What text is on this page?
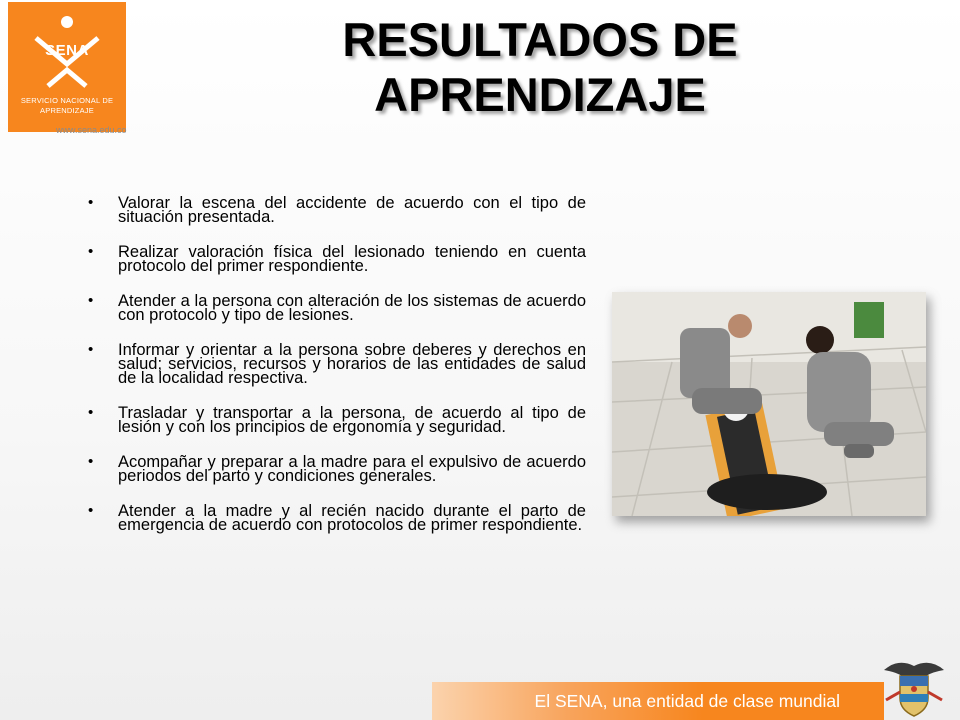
SENA
SERVICIO NACIONAL DE APRENDIZAJE
www.sena.edu.co
RESULTADOS DE APRENDIZAJE
• Valorar la escena del accidente de acuerdo con el tipo de situación presentada.
• Realizar valoración física del lesionado teniendo en cuenta protocolo del primer respondiente.
• Atender a la persona con alteración de los sistemas de acuerdo con protocolo y tipo de lesiones.
• Informar y orientar a la persona sobre deberes y derechos en salud; servicios, recursos y horarios de las entidades de salud de la localidad respectiva.
• Trasladar y transportar a la persona, de acuerdo al tipo de lesión y con los principios de ergonomía y seguridad.
• Acompañar y preparar a la madre para el expulsivo de acuerdo periodos del parto y condiciones generales.
• Atender a la madre y al recién nacido durante el parto de emergencia de acuerdo con protocolos de primer respondiente.
El SENA, una entidad de clase mundial
